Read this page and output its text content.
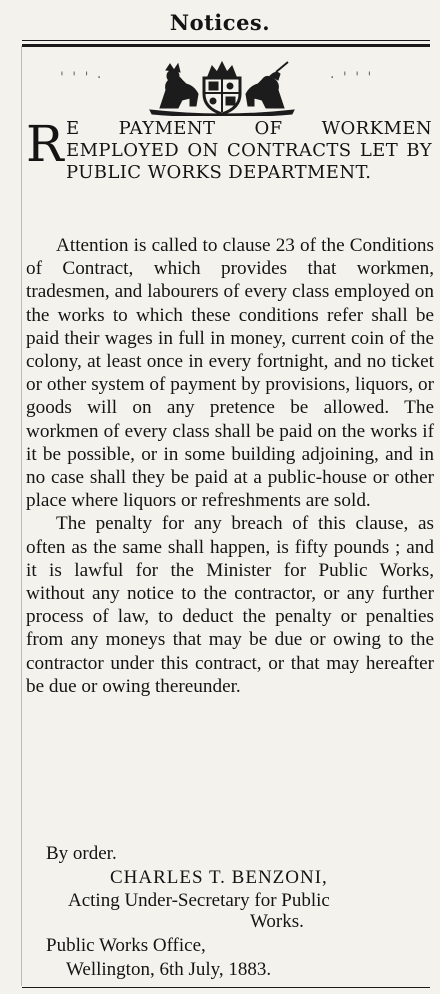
Notices.
' ' ' ·	· ' ' '
R E PAYMENT OF WORKMEN EMPLOYED ON CONTRACTS LET BY PUBLIC WORKS DEPARTMENT.

Attention is called to clause 23 of the Conditions of Contract, which provides that workmen, tradesmen, and labourers of every class employed on the works to which these conditions refer shall be paid their wages in full in money, current coin of the colony, at least once in every fortnight, and no ticket or other system of payment by provisions, liquors, or goods will on any pretence be allowed. The workmen of every class shall be paid on the works if it be possible, or in some building adjoining, and in no case shall they be paid at a public-house or other place where liquors or refreshments are sold.

The penalty for any breach of this clause, as often as the same shall happen, is fifty pounds ; and it is lawful for the Minister for Public Works, without any notice to the contractor, or any further process of law, to deduct the penalty or penalties from any moneys that may be due or owing to the contractor under this contract, or that may hereafter be due or owing thereunder.

By order.
CHARLES T. BENZONI,
Acting Under-Secretary for Public
Works.
Public Works Office,
Wellington, 6th July, 1883.
